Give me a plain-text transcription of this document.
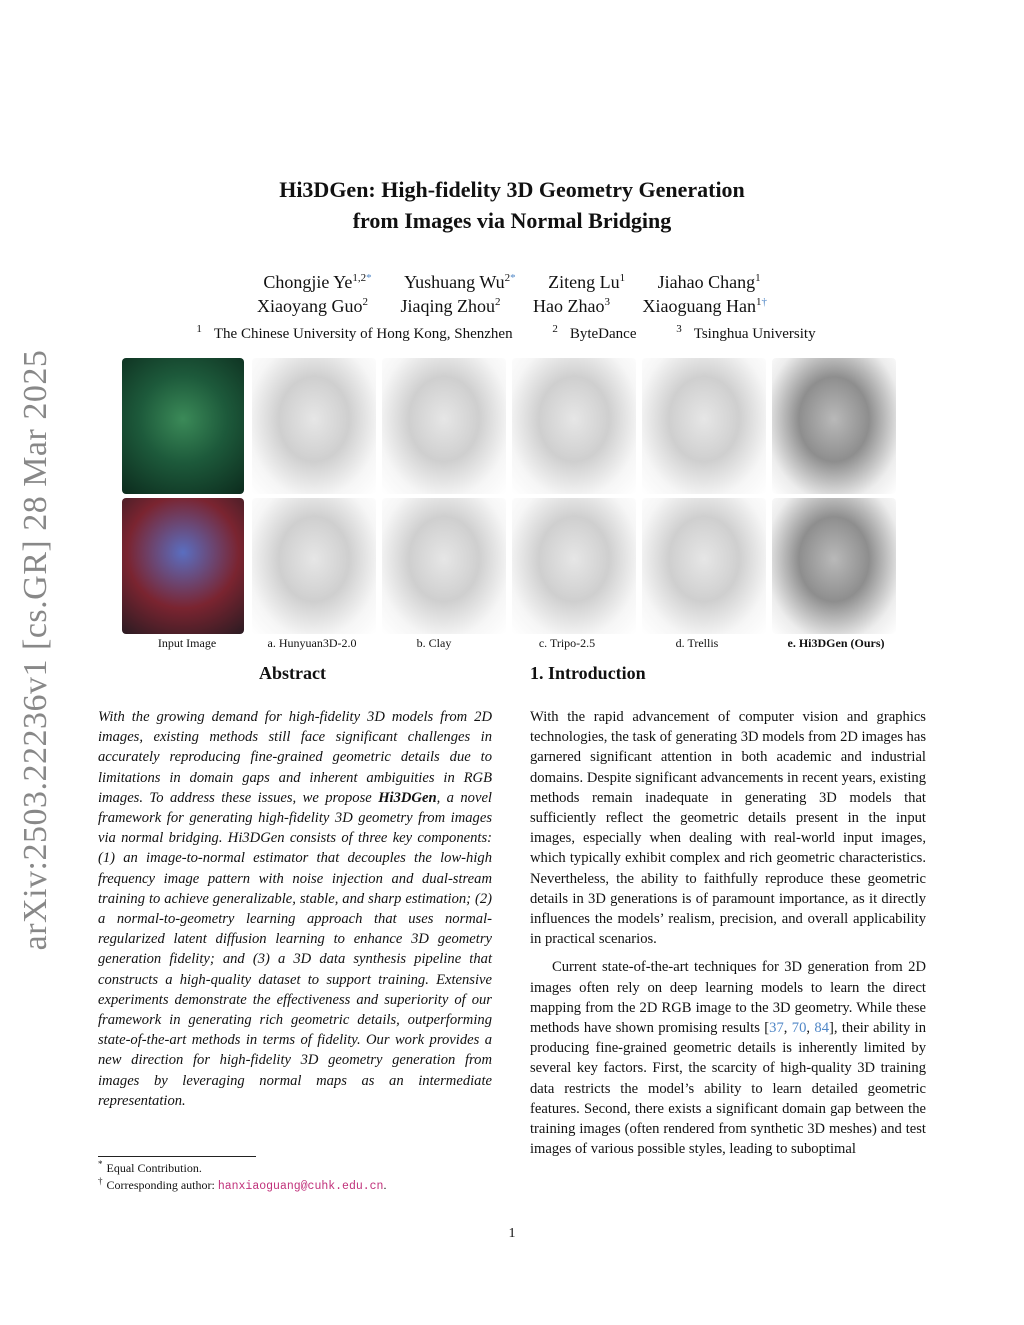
arXiv:2503.22236v1 [cs.GR] 28 Mar 2025
Hi3DGen: High-fidelity 3D Geometry Generation
from Images via Normal Bridging
Chongjie $Ye^{1,2*}$ Yushuang $Wu^{2*}$ Ziteng Lu$^1$ Jiahao Chang$^1$
Xiaoyang Guo$^2$ Jiaqing Zhou$^2$ Hao Zhao$^3$ Xiaoguang Han$^{1\dagger}$
$^1$ The Chinese University of Hong Kong, Shenzhen	$^2$ ByteDance	$^3$ Tsinghua University
Input Image	a. Hunyuan3D-2.0	b. Clay	c. Tripo-2.5	d. Trellis	e. Hi3DGen (Ours)
Abstract	1. Introduction

With the growing demand for high-fidelity 3D models from 2D images, existing methods still face significant challenges in accurately reproducing fine-grained geometric details due to limitations in domain gaps and inherent ambiguities in RGB images. To address these issues, we propose Hi3DGen, a novel framework for generating high-fidelity 3D geometry from images via normal bridging. Hi3DGen consists of three key components: (1) an image-to-normal estimator that decouples the low-high frequency image pattern with noise injection and dual-stream training to achieve generalizable, stable, and sharp estimation; (2) a normal-to-geometry learning approach that uses normal-regularized latent diffusion learning to enhance 3D geometry generation fidelity; and (3) a 3D data synthesis pipeline that constructs a high-quality dataset to support training. Extensive experiments demonstrate the effectiveness and superiority of our framework in generating rich geometric details, outperforming state-of-the-art methods in terms of fidelity. Our work provides a new direction for high-fidelity 3D geometry generation from images by leveraging normal maps as an intermediate representation.

With the rapid advancement of computer vision and graphics technologies, the task of generating 3D models from 2D images has garnered significant attention in both academic and industrial domains. Despite significant advancements in recent years, existing methods remain inadequate in generating 3D models that sufficiently reflect the geometric details present in the input images, especially when dealing with real-world input images, which typically exhibit complex and rich geometric characteristics. Nevertheless, the ability to faithfully reproduce these geometric details in 3D generations is of paramount importance, as it directly influences the models’ realism, precision, and overall applicability in practical scenarios.

Current state-of-the-art techniques for 3D generation from 2D images often rely on deep learning models to learn the direct mapping from the 2D RGB image to the 3D geometry. While these methods have shown promising results [37, 70, 84], their ability in producing fine-grained geometric details is inherently limited by several key factors. First, the scarcity of high-quality 3D training data restricts the model’s ability to learn detailed geometric features. Second, there exists a significant domain gap between the training images (often rendered from synthetic 3D meshes) and test images of various possible styles, leading to suboptimal

* Equal Contribution.
† Corresponding author: hanxiaoguang@cuhk.edu.cn.
1
